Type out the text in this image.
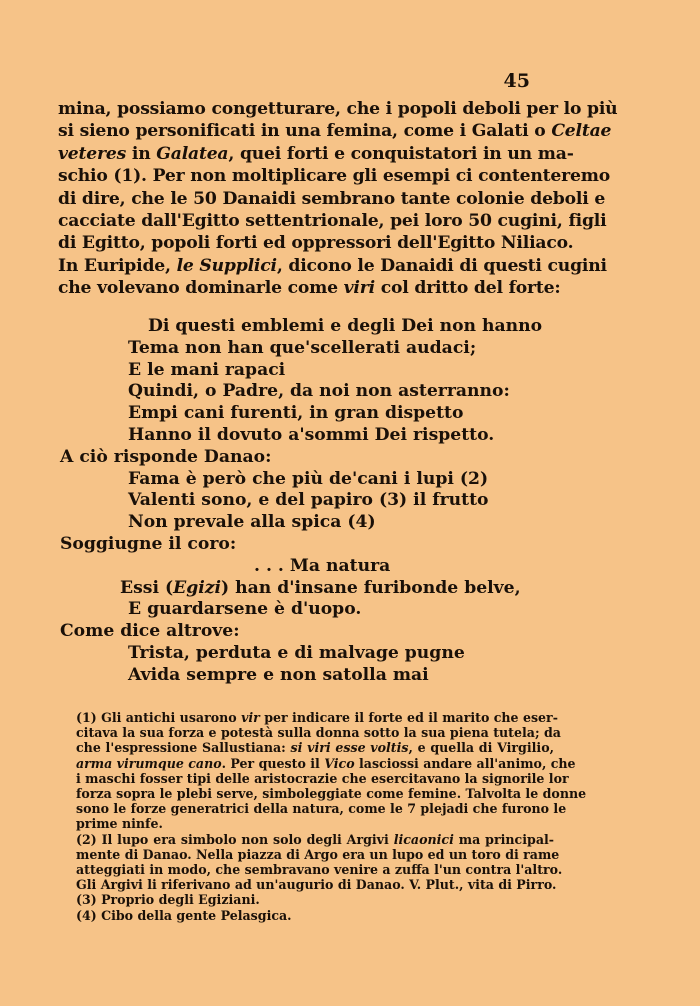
45
mina, possiamo congetturare, che i popoli deboli per lo più
si sieno personificati in una femina, come i Galati o Celtae
veteres in Galatea, quei forti e conquistatori in un ma-
schio (1). Per non moltiplicare gli esempi ci contenteremo
di dire, che le 50 Danaidi sembrano tante colonie deboli e
cacciate dall'Egitto settentrionale, pei loro 50 cugini, figli
di Egitto, popoli forti ed oppressori dell'Egitto Niliaco.
In Euripide, le Supplici, dicono le Danaidi di questi cugini
che volevano dominarle come viri col dritto del forte:
Di questi emblemi e degli Dei non hanno
Tema non han que'scellerati audaci;
E le mani rapaci
Quindi, o Padre, da noi non asterranno:
Empi cani furenti, in gran dispetto
Hanno il dovuto a'sommi Dei rispetto.
A ciò risponde Danao:
Fama è però che più de'cani i lupi (2)
Valenti sono, e del papiro (3) il frutto
Non prevale alla spica (4)
Soggiugne il coro:
. . . Ma natura
Essi (Egizi) han d'insane furibonde belve,
E guardarsene è d'uopo.
Come dice altrove:
Trista, perduta e di malvage pugne
Avida sempre e non satolla mai
(1) Gli antichi usarono vir per indicare il forte ed il marito che eser-
citava la sua forza e potestà sulla donna sotto la sua piena tutela; da
che l'espressione Sallustiana: si viri esse voltis, e quella di Virgilio,
arma virumque cano. Per questo il Vico lasciossi andare all'animo, che
i maschi fosser tipi delle aristocrazie che esercitavano la signorile lor
forza sopra le plebi serve, simboleggiate come femine. Talvolta le donne
sono le forze generatrici della natura, come le 7 plejadi che furono le
prime ninfe.
(2) Il lupo era simbolo non solo degli Argivi licaonici ma principal-
mente di Danao. Nella piazza di Argo era un lupo ed un toro di rame
atteggiati in modo, che sembravano venire a zuffa l'un contra l'altro.
Gli Argivi li riferivano ad un'augurio di Danao. V. Plut., vita di Pirro.
(3) Proprio degli Egiziani.
(4) Cibo della gente Pelasgica.
